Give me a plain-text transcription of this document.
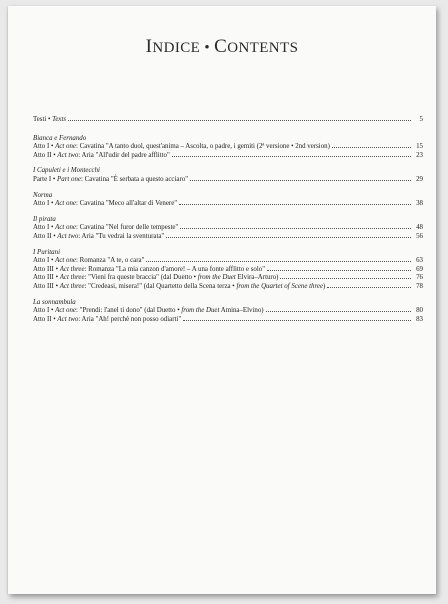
INDICE • CONTENTS
Testi • Texts	5
Bianca e Fernando
Atto I • Act one: Cavatina "A tanto duol, quest'anima – Ascolta, o padre, i gemiti (2ª versione • 2nd version)	15
Atto II • Act two: Aria "All'udir del padre afflitto"	23
I Capuleti e i Montecchi
Parte I • Part one: Cavatina "È serbata a questo acciaro"	29
Norma
Atto I • Act one: Cavatina "Meco all'altar di Venere"	38
Il pirata
Atto I • Act one: Cavatina "Nel furor delle tempeste"	48
Atto II • Act two: Aria "Tu vedrai la sventurata"	56
I Puritani
Atto I • Act one: Romanza "A te, o cara"	63
Atto III • Act three: Romanza "La mia canzon d'amore! – A una fonte afflitto e solo"	69
Atto III • Act three: "Vieni fra queste braccia" (dal Duetto • from the Duet Elvira–Arturo)	76
Atto III • Act three: "Credeasi, misera!" (dal Quartetto della Scena terza • from the Quartet of Scene three)	78
La sonnambula
Atto I • Act one: "Prendi: l'anel ti dono" (dal Duetto • from the Duet Amina–Elvino)	80
Atto II • Act two: Aria "Ah! perchè non posso odiarti"	83
